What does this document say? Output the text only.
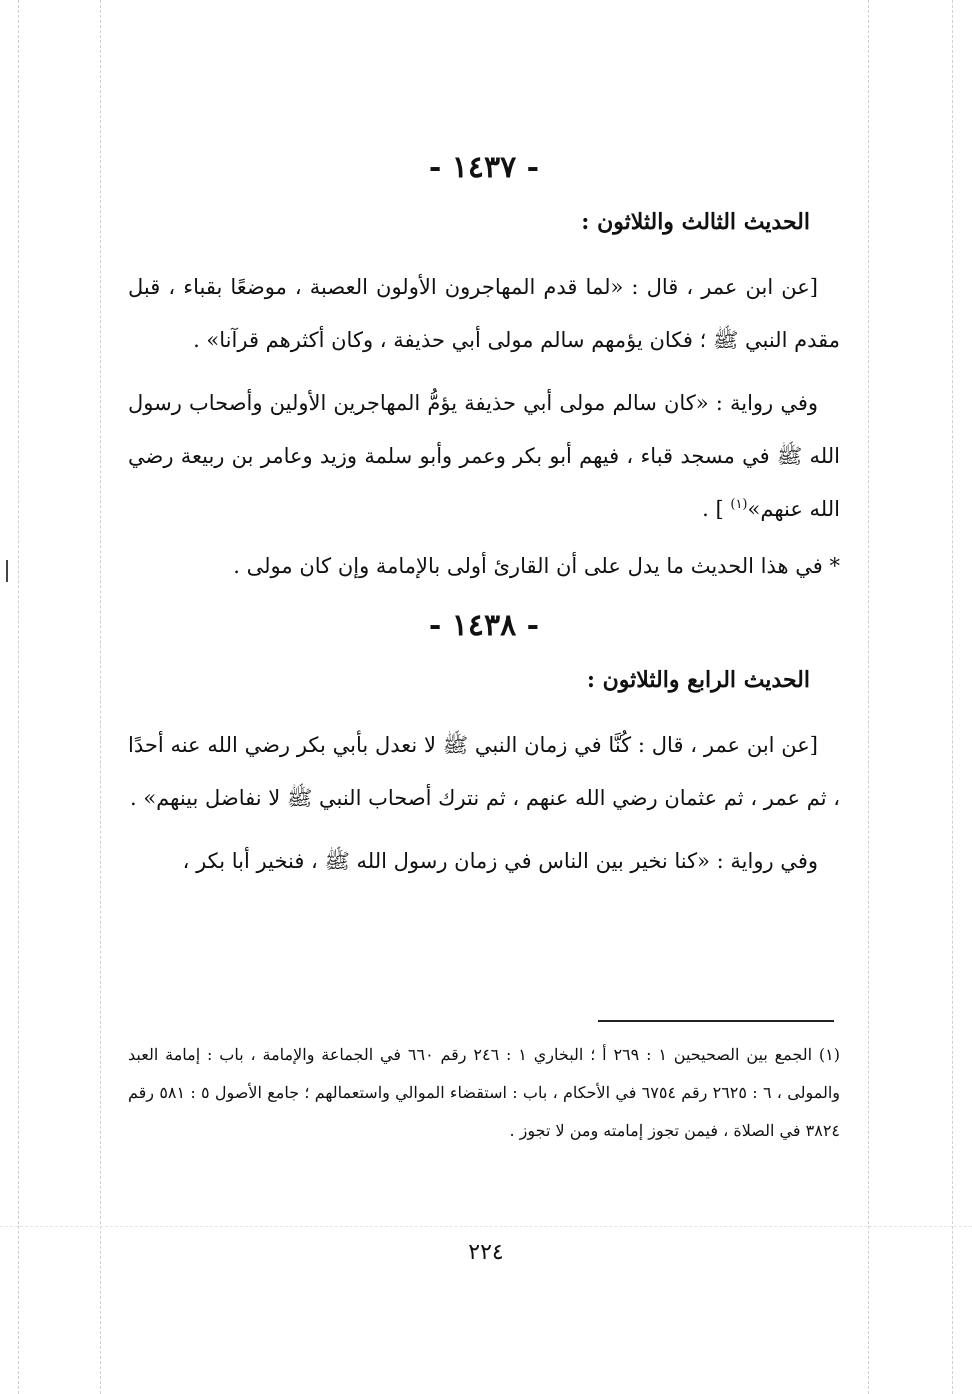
- ١٤٣٧ -
الحديث الثالث والثلاثون :

[عن ابن عمر ، قال : «لما قدم المهاجرون الأولون العصبة ، موضعًا بقباء ، قبل مقدم النبي ﷺ ؛ فكان يؤمهم سالم مولى أبي حذيفة ، وكان أكثرهم قرآنا» .

وفي رواية : «كان سالم مولى أبي حذيفة يؤمُّ المهاجرين الأولين وأصحاب رسول الله ﷺ في مسجد قباء ، فيهم أبو بكر وعمر وأبو سلمة وزيد وعامر بن ربيعة رضي الله عنهم»$^{(١)}$ ] .

* في هذا الحديث ما يدل على أن القارئ أولى بالإمامة وإن كان مولى .

- ١٤٣٨ -
الحديث الرابع والثلاثون :

[عن ابن عمر ، قال : كُنَّا في زمان النبي ﷺ لا نعدل بأبي بكر رضي الله عنه أحدًا ، ثم عمر ، ثم عثمان رضي الله عنهم ، ثم نترك أصحاب النبي ﷺ لا نفاضل بينهم» .

وفي رواية : «كنا نخير بين الناس في زمان رسول الله ﷺ ، فنخير أبا بكر ،

(١) الجمع بين الصحيحين ١ : ٢٦٩ أ ؛ البخاري ١ : ٢٤٦ رقم ٦٦٠ في الجماعة والإمامة ، باب : إمامة العبد والمولى ، ٦ : ٢٦٢٥ رقم ٦٧٥٤ في الأحكام ، باب : استقضاء الموالي واستعمالهم ؛ جامع الأصول ٥ : ٥٨١ رقم ٣٨٢٤ في الصلاة ، فيمن تجوز إمامته ومن لا تجوز .

٢٢٤
